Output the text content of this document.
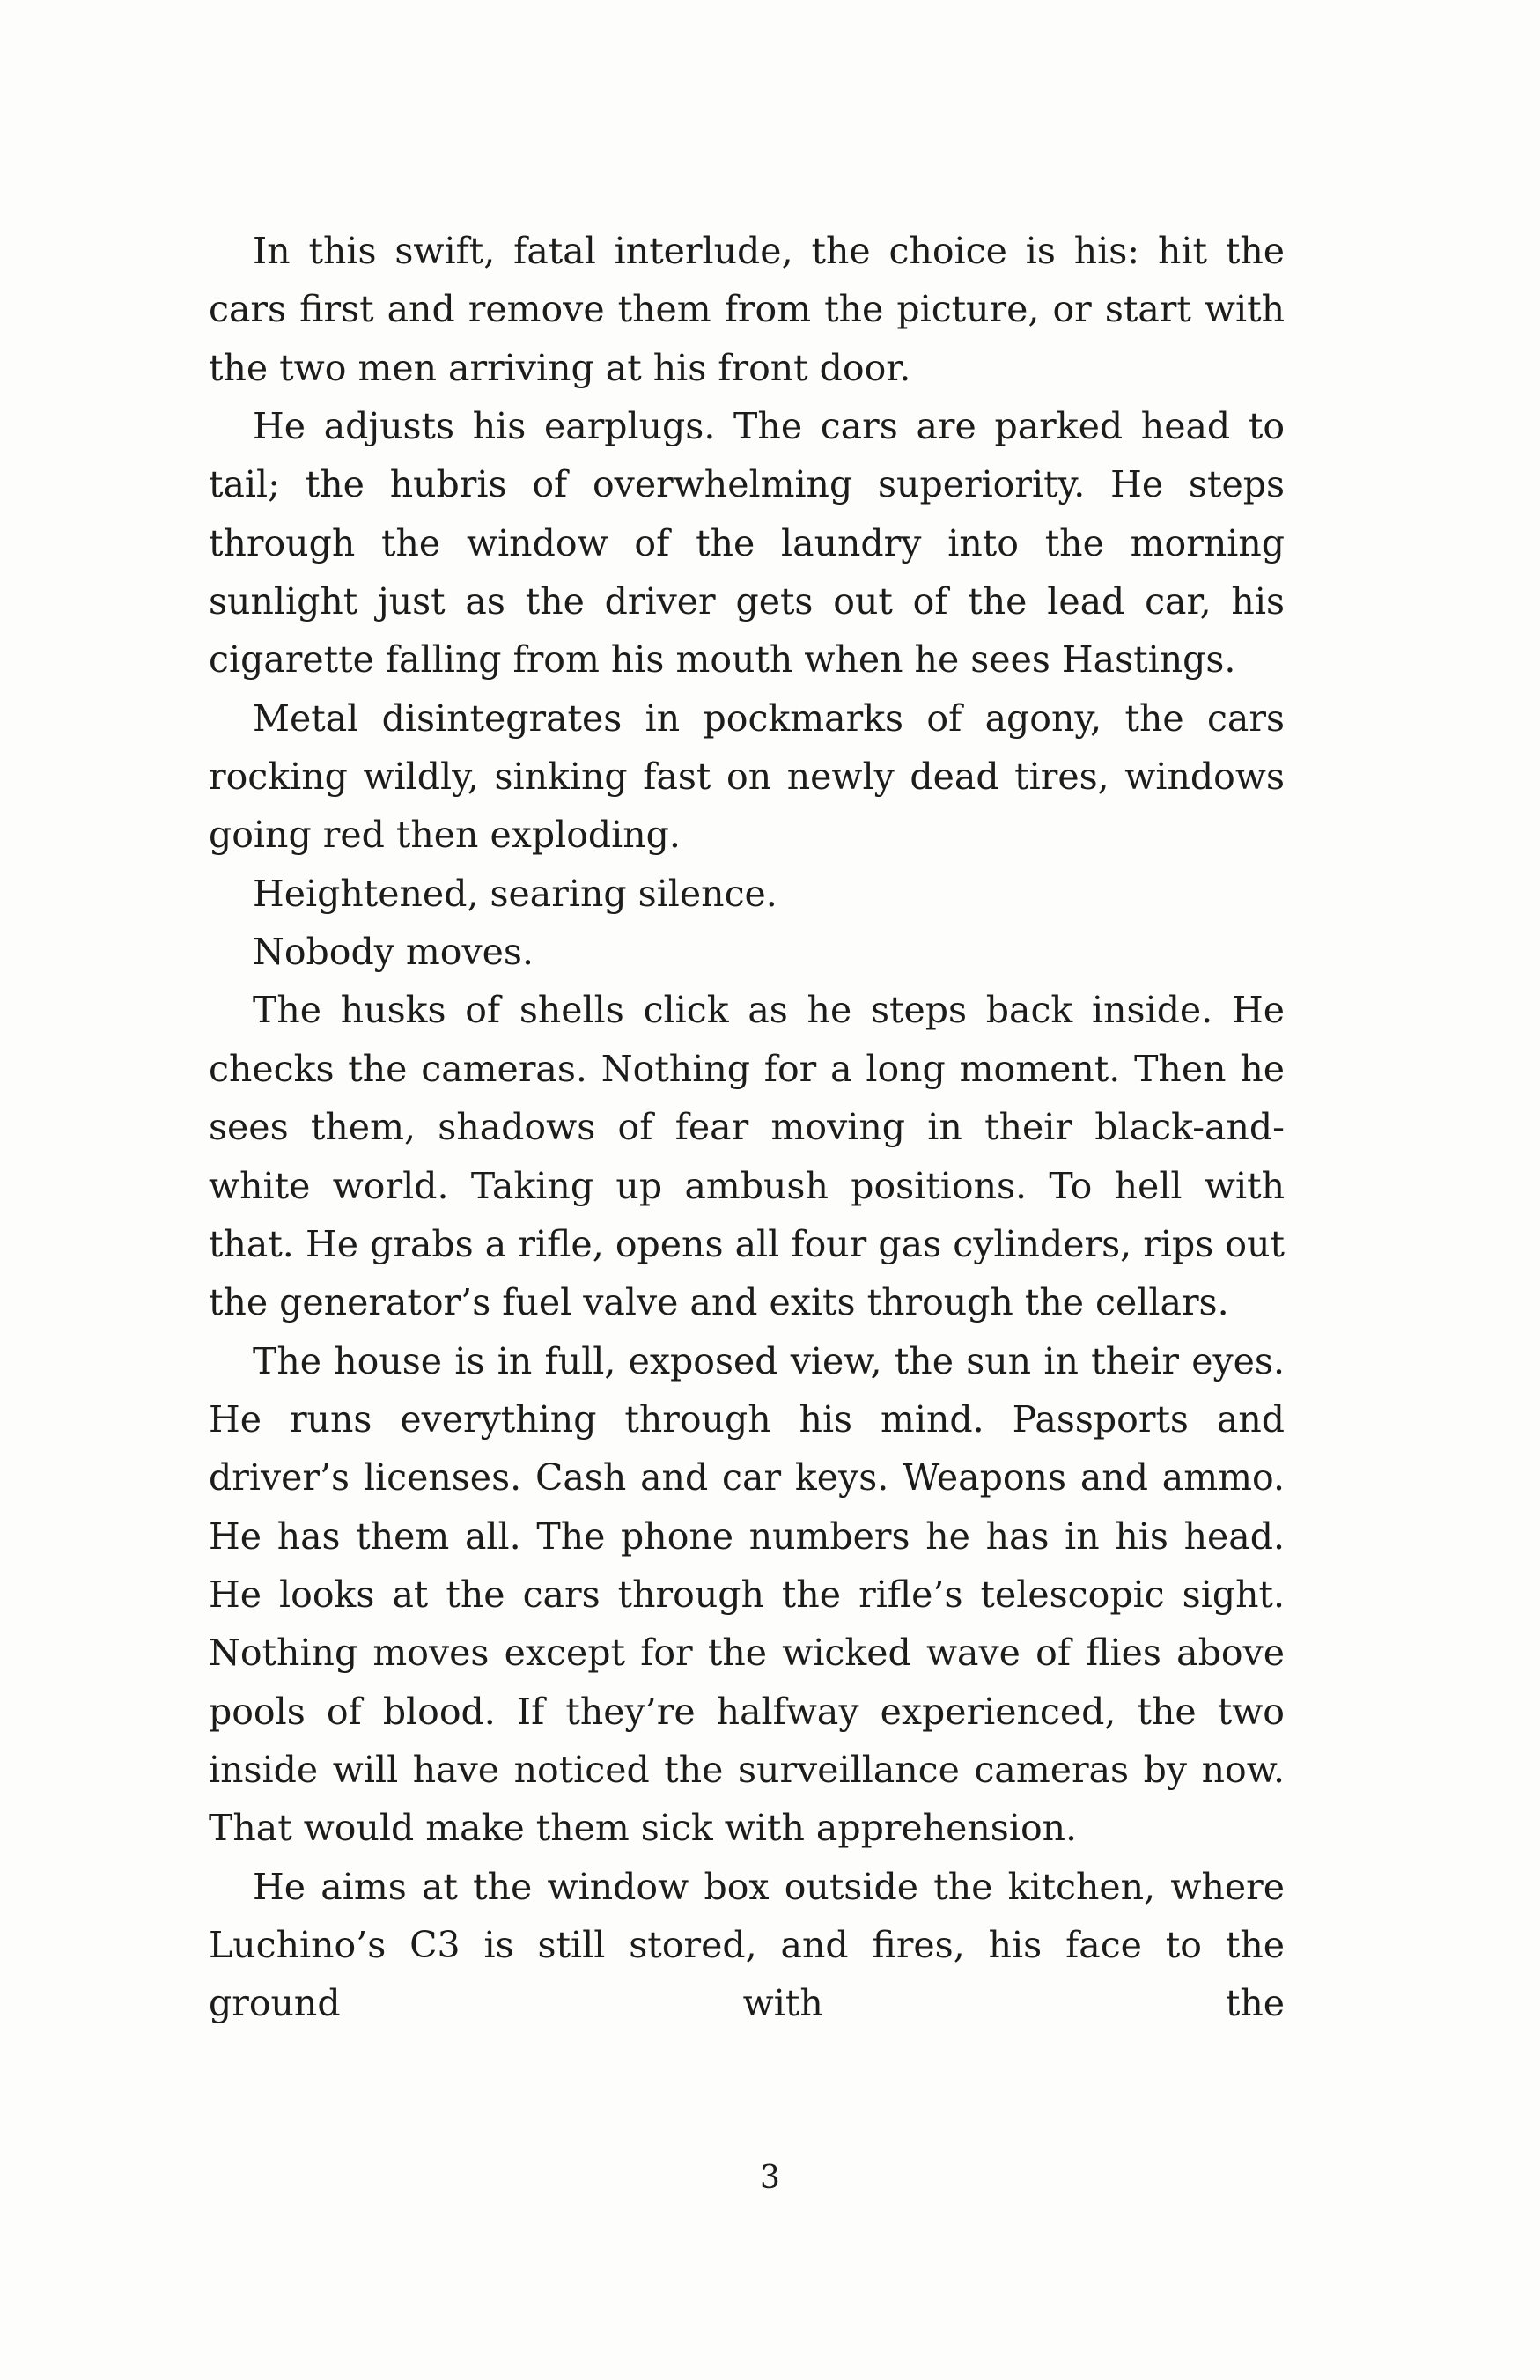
In this swift, fatal interlude, the choice is his: hit the cars first and remove them from the picture, or start with the two men arriving at his front door.

He adjusts his earplugs. The cars are parked head to tail; the hubris of overwhelming superiority. He steps through the window of the laundry into the morning sunlight just as the driver gets out of the lead car, his cigarette falling from his mouth when he sees Hastings.

Metal disintegrates in pockmarks of agony, the cars rocking wildly, sinking fast on newly dead tires, windows going red then exploding.

Heightened, searing silence.

Nobody moves.

The husks of shells click as he steps back inside. He checks the cameras. Nothing for a long moment. Then he sees them, shadows of fear moving in their black-and-white world. Taking up ambush positions. To hell with that. He grabs a rifle, opens all four gas cylinders, rips out the generator’s fuel valve and exits through the cellars.

The house is in full, exposed view, the sun in their eyes. He runs everything through his mind. Passports and driver’s licenses. Cash and car keys. Weapons and ammo. He has them all. The phone numbers he has in his head. He looks at the cars through the rifle’s telescopic sight. Nothing moves except for the wicked wave of flies above pools of blood. If they’re halfway experienced, the two inside will have noticed the surveillance cameras by now. That would make them sick with apprehension.

He aims at the window box outside the kitchen, where Luchino’s C3 is still stored, and fires, his face to the ground with the

3
